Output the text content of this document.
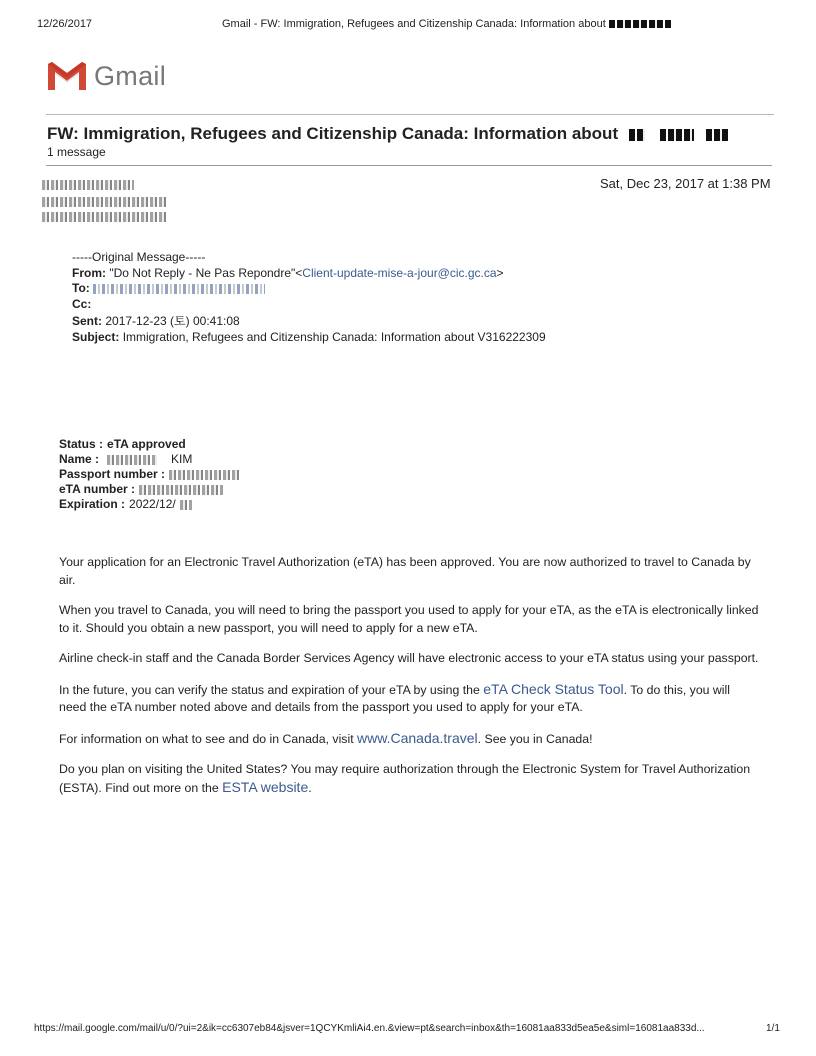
12/26/2017	Gmail - FW: Immigration, Refugees and Citizenship Canada: Information about
Gmail
FW: Immigration, Refugees and Citizenship Canada: Information about
1 message
Sat, Dec 23, 2017 at 1:38 PM
-----Original Message-----
From: "Do Not Reply - Ne Pas Repondre"<Client-update-mise-a-jour@cic.gc.ca>
To:
Cc:
Sent: 2017-12-23 (토) 00:41:08
Subject: Immigration, Refugees and Citizenship Canada: Information about V316222309
Status : eTA approved
Name :	KIM
Passport number :
eTA number :
Expiration : 2022/12/

Your application for an Electronic Travel Authorization (eTA) has been approved. You are now authorized to travel to Canada by air.

When you travel to Canada, you will need to bring the passport you used to apply for your eTA, as the eTA is electronically linked to it. Should you obtain a new passport, you will need to apply for a new eTA.

Airline check-in staff and the Canada Border Services Agency will have electronic access to your eTA status using your passport.

In the future, you can verify the status and expiration of your eTA by using the eTA Check Status Tool. To do this, you will need the eTA number noted above and details from the passport you used to apply for your eTA.

For information on what to see and do in Canada, visit www.Canada.travel. See you in Canada!

Do you plan on visiting the United States? You may require authorization through the Electronic System for Travel Authorization (ESTA). Find out more on the ESTA website.

https://mail.google.com/mail/u/0/?ui=2&ik=cc6307eb84&jsver=1QCYKmliAi4.en.&view=pt&search=inbox&th=16081aa833d5ea5e&siml=16081aa833d...	1/1
